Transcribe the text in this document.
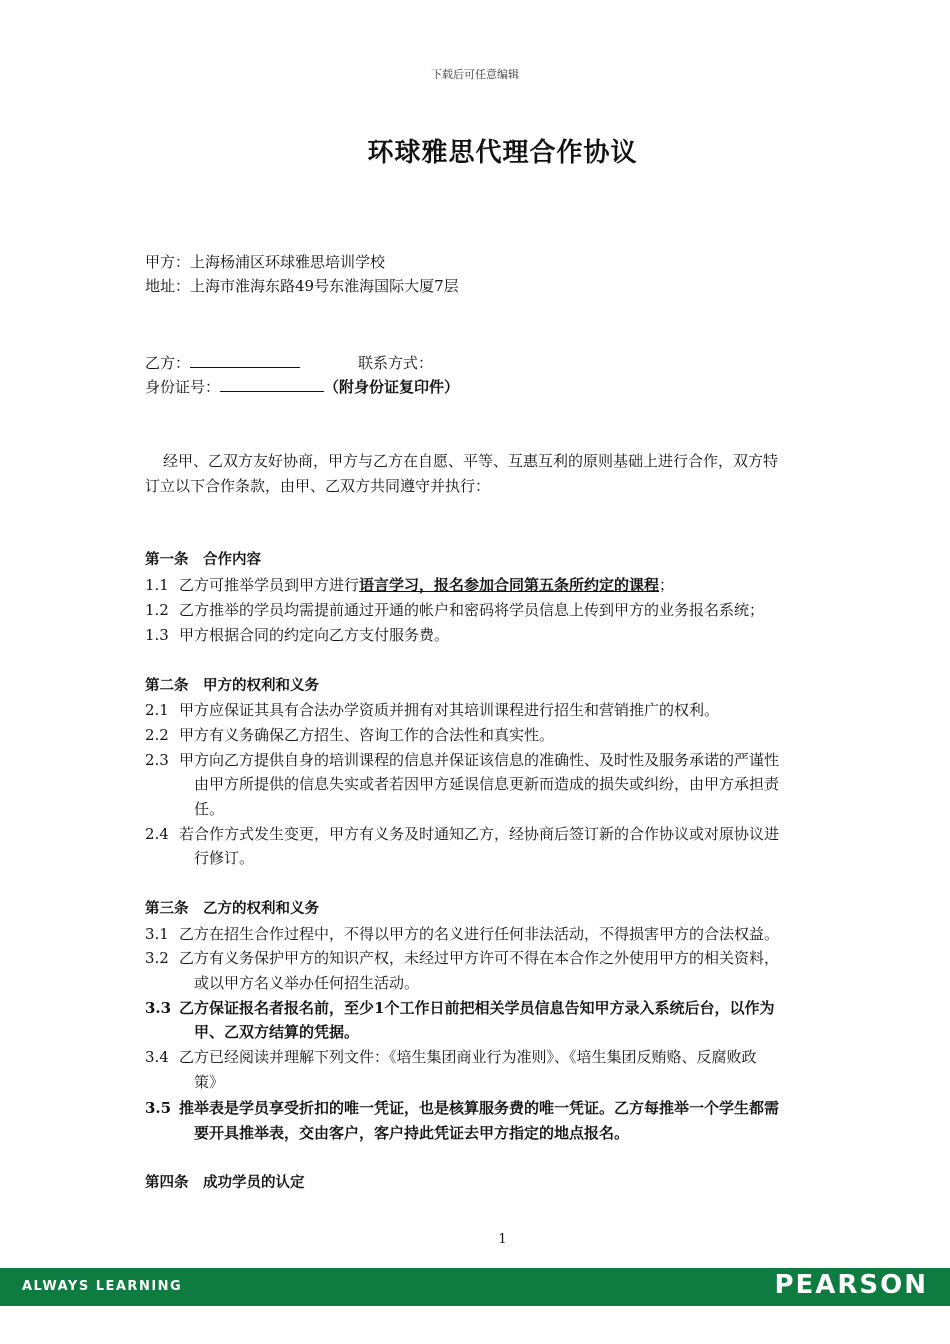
下载后可任意编辑
环球雅思代理合作协议
甲方：上海杨浦区环球雅思培训学校
地址：上海市淮海东路49号东淮海国际大厦7层
乙方：	联系方式：
身份证号：	（附身份证复印件）
经甲、乙双方友好协商，甲方与乙方在自愿、平等、互惠互利的原则基础上进行合作，双方特
订立以下合作条款，由甲、乙双方共同遵守并执行：
第一条　合作内容
1.1 乙方可推举学员到甲方进行语言学习，报名参加合同第五条所约定的课程；
1.2 乙方推举的学员均需提前通过开通的帐户和密码将学员信息上传到甲方的业务报名系统；
1.3 甲方根据合同的约定向乙方支付服务费。
第二条　甲方的权利和义务
2.1 甲方应保证其具有合法办学资质并拥有对其培训课程进行招生和营销推广的权利。
2.2 甲方有义务确保乙方招生、咨询工作的合法性和真实性。
2.3 甲方向乙方提供自身的培训课程的信息并保证该信息的准确性、及时性及服务承诺的严谨性
由甲方所提供的信息失实或者若因甲方延误信息更新而造成的损失或纠纷，由甲方承担责
任。
2.4 若合作方式发生变更，甲方有义务及时通知乙方，经协商后签订新的合作协议或对原协议进
行修订。
第三条　乙方的权利和义务
3.1 乙方在招生合作过程中，不得以甲方的名义进行任何非法活动，不得损害甲方的合法权益。
3.2 乙方有义务保护甲方的知识产权，未经过甲方许可不得在本合作之外使用甲方的相关资料，
或以甲方名义举办任何招生活动。
3.3 乙方保证报名者报名前，至少1个工作日前把相关学员信息告知甲方录入系统后台，以作为
甲、乙双方结算的凭据。
3.4 乙方已经阅读并理解下列文件：《培生集团商业行为准则》、《培生集团反贿赂、反腐败政
策》
3.5 推举表是学员享受折扣的唯一凭证，也是核算服务费的唯一凭证。乙方每推举一个学生都需
要开具推举表，交由客户，客户持此凭证去甲方指定的地点报名。
第四条　成功学员的认定
1
ALWAYS LEARNING	PEARSON
